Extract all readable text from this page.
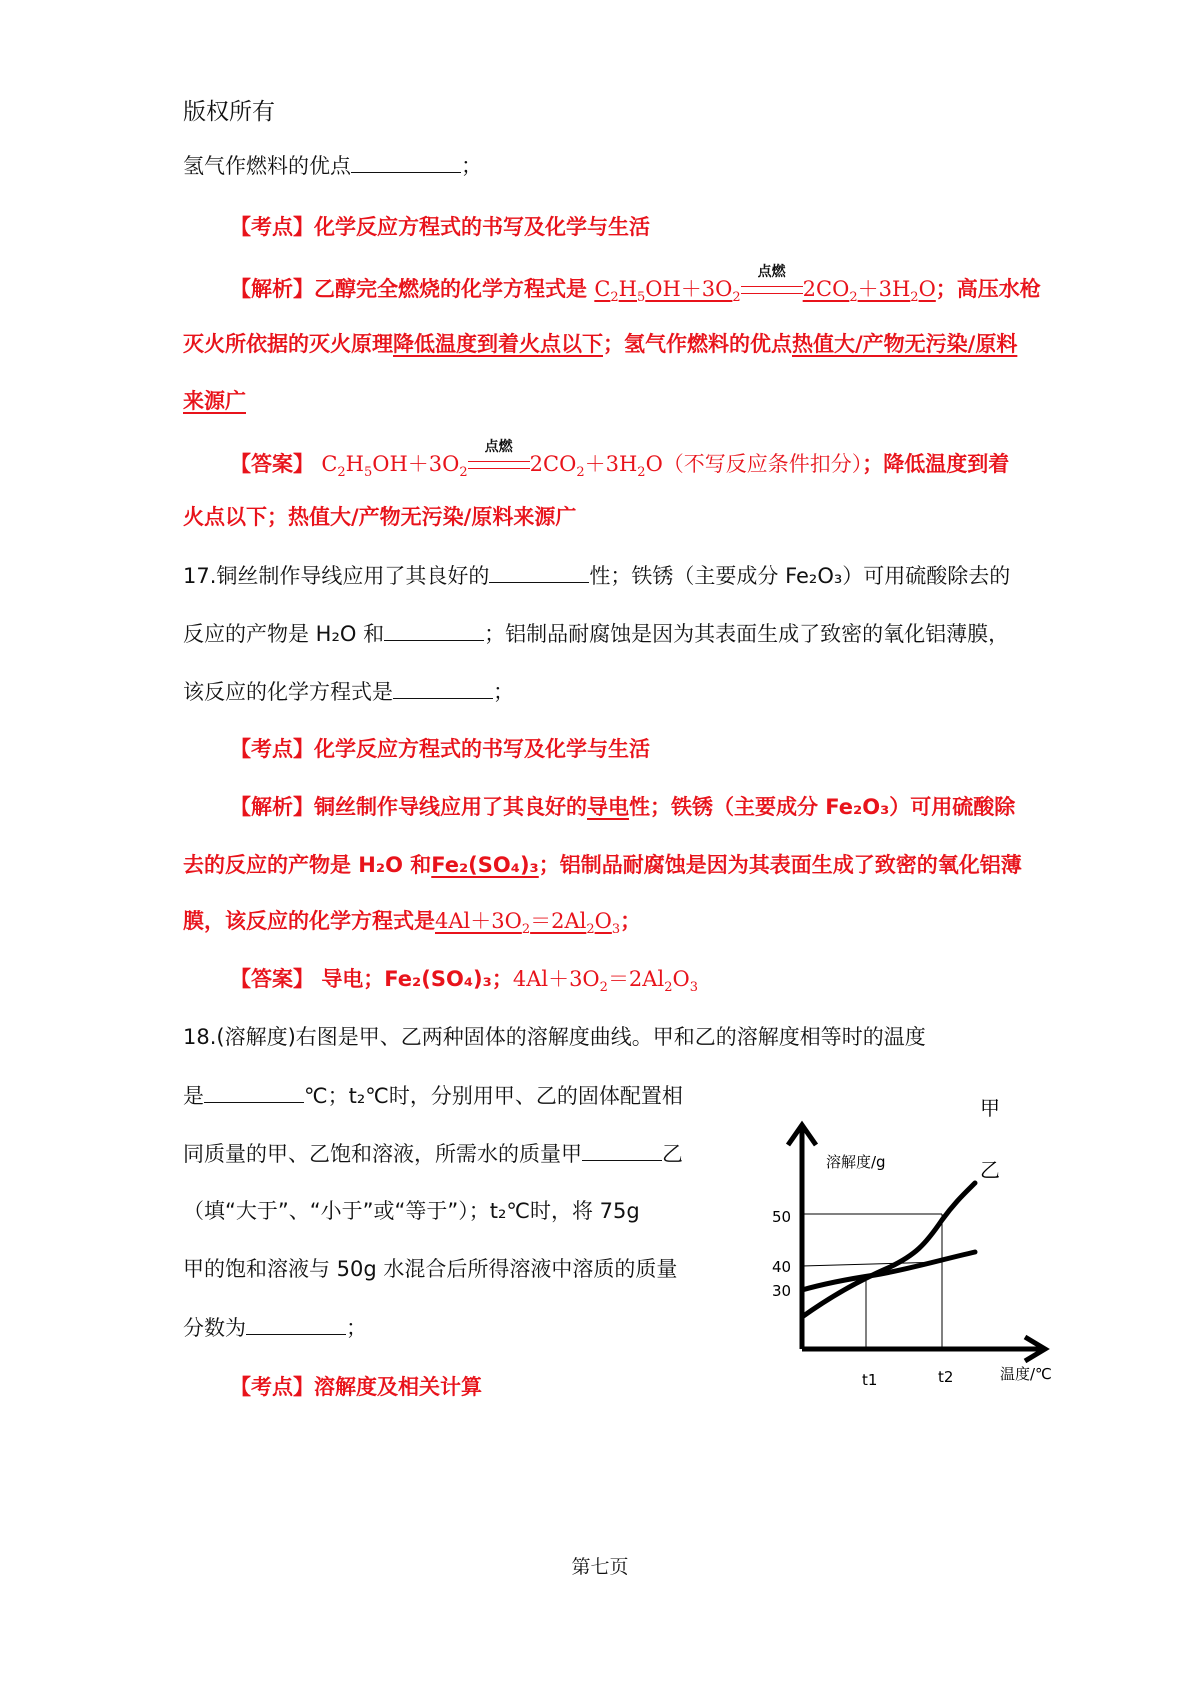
版权所有
氢气作燃料的优点	；
【考点】化学反应方程式的书写及化学与生活
【解析】乙醇完全燃烧的化学方程式是 $C_2H_5OH+3O_2$
点燃
$2CO_2+3H_2O$；高压水枪
灭火所依据的灭火原理降低温度到着火点以下；氢气作燃料的优点热值大/产物无污染/原料
来源广
【答案】 $C_2H_5OH+3O_2$
点燃
$2CO_2+3H_2O$（不写反应条件扣分）；降低温度到着
火点以下；热值大/产物无污染/原料来源广
17.铜丝制作导线应用了其良好的	性；铁锈（主要成分 Fe₂O₃）可用硫酸除去的
反应的产物是 H₂O 和	；铝制品耐腐蚀是因为其表面生成了致密的氧化铝薄膜，
该反应的化学方程式是	；
【考点】化学反应方程式的书写及化学与生活
【解析】铜丝制作导线应用了其良好的导电性；铁锈（主要成分 Fe₂O₃）可用硫酸除
去的反应的产物是 H₂O 和Fe₂(SO₄)₃；铝制品耐腐蚀是因为其表面生成了致密的氧化铝薄
膜，该反应的化学方程式是$4Al+3O_2=2Al_2O_3$；
【答案】 导电；Fe₂(SO₄)₃；$4Al+3O_2=2Al_2O_3$
18.(溶解度)右图是甲、乙两种固体的溶解度曲线。甲和乙的溶解度相等时的温度
是	℃；t₂℃时，分别用甲、乙的固体配置相
同质量的甲、乙饱和溶液，所需水的质量甲	乙
（填“大于”、“小于”或“等于”）；t₂℃时，将 75g
甲的饱和溶液与 50g 水混合后所得溶液中溶质的质量
分数为	；
【考点】溶解度及相关计算
甲
乙
溶解度/g
温度/℃
50
40
30
t1	t2
第七页
